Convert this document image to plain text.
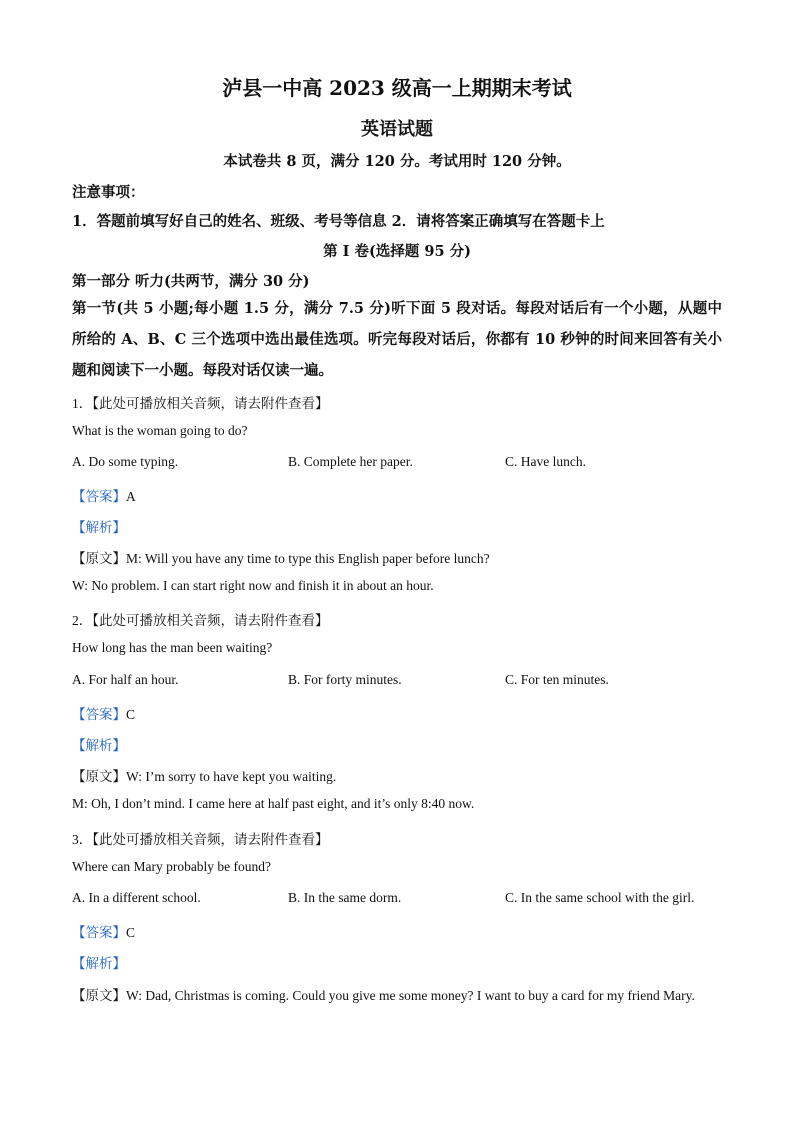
泸县一中高 2023 级高一上期期末考试
英语试题
本试卷共 8 页，满分 120 分。考试用时 120 分钟。
注意事项：
1．答题前填写好自己的姓名、班级、考号等信息 2．请将答案正确填写在答题卡上
第 I 卷(选择题 95 分)
第一部分 听力(共两节，满分 30 分)
第一节(共 5 小题;每小题 1.5 分，满分 7.5 分)听下面 5 段对话。每段对话后有一个小题，从题中所给的 A、B、C 三个选项中选出最佳选项。听完每段对话后，你都有 10 秒钟的时间来回答有关小题和阅读下一小题。每段对话仅读一遍。
1．【此处可播放相关音频，请去附件查看】
What is the woman going to do?
A. Do some typing.	B. Complete her paper.	C. Have lunch.
【答案】A
【解析】
【原文】M: Will you have any time to type this English paper before lunch?
W: No problem. I can start right now and finish it in about an hour.
2．【此处可播放相关音频，请去附件查看】
How long has the man been waiting?
A. For half an hour.	B. For forty minutes.	C. For ten minutes.
【答案】C
【解析】
【原文】W: I’m sorry to have kept you waiting.
M: Oh, I don’t mind. I came here at half past eight, and it’s only 8:40 now.
3．【此处可播放相关音频，请去附件查看】
Where can Mary probably be found?
A. In a different school.	B. In the same dorm.	C. In the same school with the girl.
【答案】C
【解析】
【原文】W: Dad, Christmas is coming. Could you give me some money? I want to buy a card for my friend Mary.
